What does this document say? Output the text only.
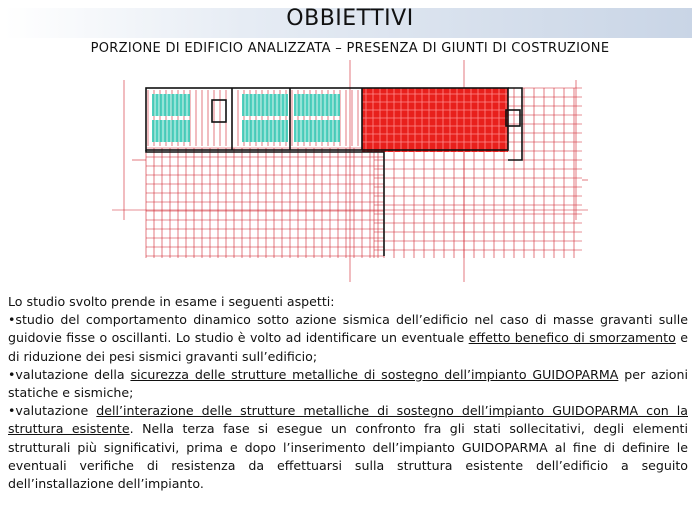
OBBIETTIVI
PORZIONE DI EDIFICIO ANALIZZATA – PRESENZA DI GIUNTI DI COSTRUZIONE

Lo studio svolto prende in esame i seguenti aspetti:

•studio del comportamento dinamico sotto azione sismica dell’edificio nel caso di masse gravanti sulle guidovie fisse o oscillanti. Lo studio è volto ad identificare un eventuale effetto benefico di smorzamento e di riduzione dei pesi sismici gravanti sull’edificio;

•valutazione della sicurezza delle strutture metalliche di sostegno dell’impianto GUIDOPARMA per azioni statiche e sismiche;

•valutazione dell’interazione delle strutture metalliche di sostegno dell’impianto GUIDOPARMA con la struttura esistente. Nella terza fase si esegue un confronto fra gli stati sollecitativi, degli elementi strutturali più significativi, prima e dopo l’inserimento dell’impianto GUIDOPARMA al fine di definire le eventuali verifiche di resistenza da effettuarsi sulla struttura esistente dell’edificio a seguito dell’installazione dell’impianto.
